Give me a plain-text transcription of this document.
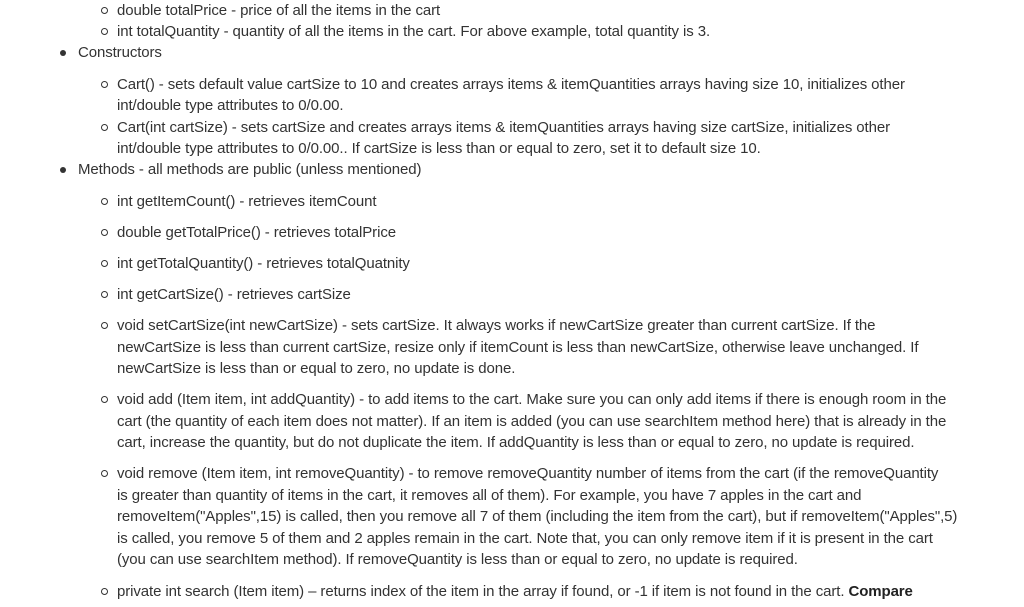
double totalPrice - price of all the items in the cart
int totalQuantity - quantity of all the items in the cart. For above example, total quantity is 3.
Constructors
Cart() - sets default value cartSize to 10 and creates arrays items & itemQuantities arrays having size 10, initializes other
int/double type attributes to 0/0.00.
Cart(int cartSize) - sets cartSize and creates arrays items & itemQuantities arrays having size cartSize, initializes other
int/double type attributes to 0/0.00.. If cartSize is less than or equal to zero, set it to default size 10.
Methods - all methods are public (unless mentioned)
int getItemCount() - retrieves itemCount
double getTotalPrice() - retrieves totalPrice
int getTotalQuantity() - retrieves totalQuatnity
int getCartSize() - retrieves cartSize
void setCartSize(int newCartSize) - sets cartSize. It always works if newCartSize greater than current cartSize. If the
newCartSize is less than current cartSize, resize only if itemCount is less than newCartSize, otherwise leave unchanged. If
newCartSize is less than or equal to zero, no update is done.
void add (Item item, int addQuantity) - to add items to the cart. Make sure you can only add items if there is enough room in the
cart (the quantity of each item does not matter). If an item is added (you can use searchItem method here) that is already in the
cart, increase the quantity, but do not duplicate the item. If addQuantity is less than or equal to zero, no update is required.
void remove (Item item, int removeQuantity) - to remove removeQuantity number of items from the cart (if the removeQuantity
is greater than quantity of items in the cart, it removes all of them). For example, you have 7 apples in the cart and
removeItem("Apples",15) is called, then you remove all 7 of them (including the item from the cart), but if removeItem("Apples",5)
is called, you remove 5 of them and 2 apples remain in the cart. Note that, you can only remove item if it is present in the cart
(you can use searchItem method). If removeQuantity is less than or equal to zero, no update is required.
private int search (Item item) – returns index of the item in the array if found, or -1 if item is not found in the cart. Compare
